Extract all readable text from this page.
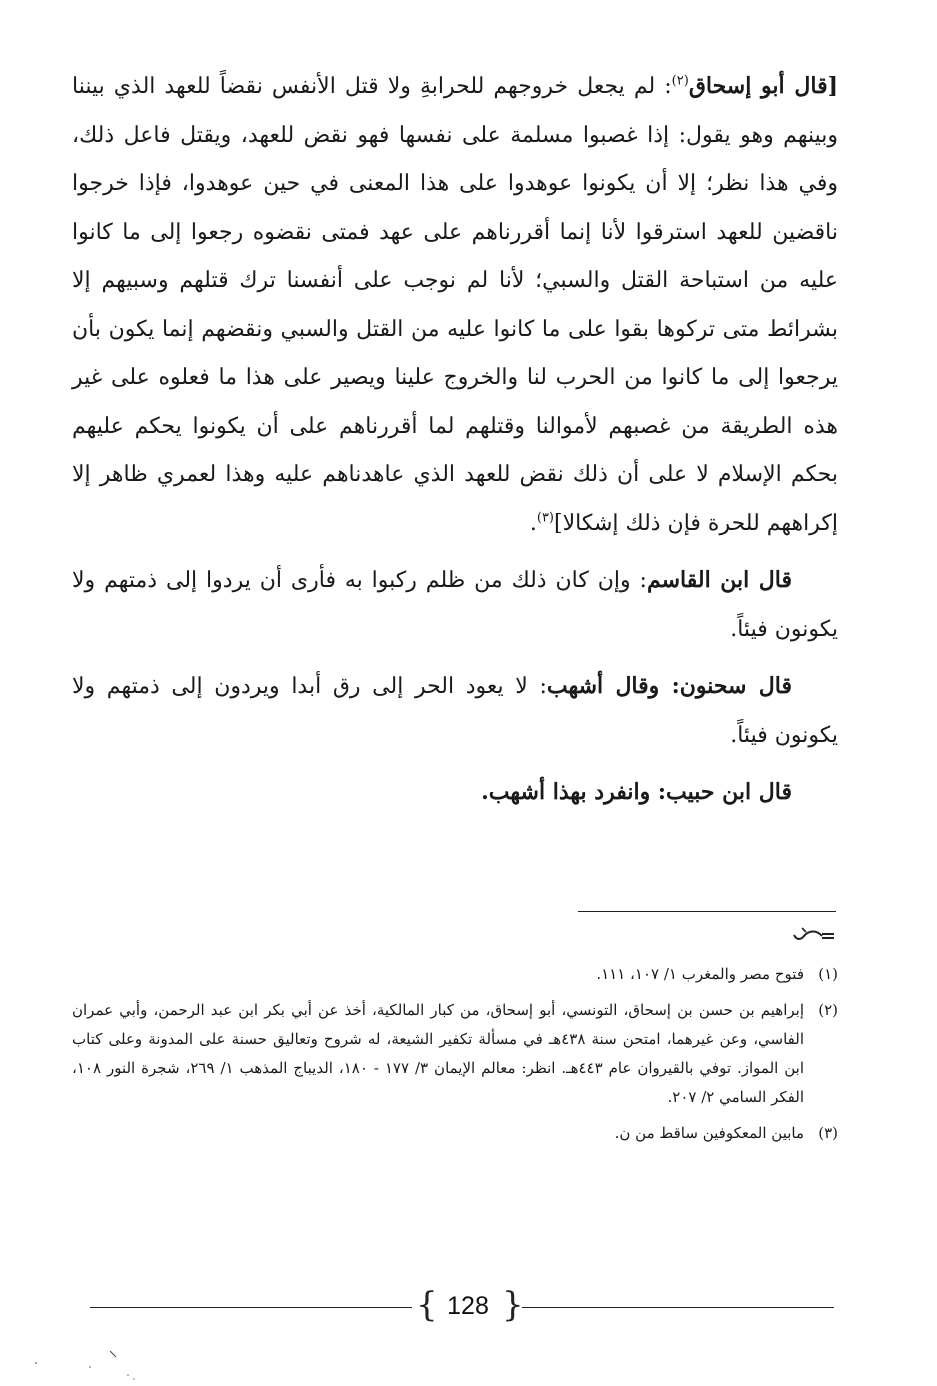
[قال أبو إسحاق$^{(٢)}$: لم يجعل خروجهم للحرابةِ ولا قتل الأنفس نقضاً للعهد الذي بيننا وبينهم وهو يقول: إذا غصبوا مسلمة على نفسها فهو نقض للعهد، ويقتل فاعل ذلك، وفي هذا نظر؛ إلا أن يكونوا عوهدوا على هذا المعنى في حين عوهدوا، فإذا خرجوا ناقضين للعهد استرقوا لأنا إنما أقررناهم على عهد فمتى نقضوه رجعوا إلى ما كانوا عليه من استباحة القتل والسبي؛ لأنا لم نوجب على أنفسنا ترك قتلهم وسبيهم إلا بشرائط متى تركوها بقوا على ما كانوا عليه من القتل والسبي ونقضهم إنما يكون بأن يرجعوا إلى ما كانوا من الحرب لنا والخروج علينا ويصير على هذا ما فعلوه على غير هذه الطريقة من غصبهم لأموالنا وقتلهم لما أقررناهم على أن يكونوا يحكم عليهم بحكم الإسلام لا على أن ذلك نقض للعهد الذي عاهدناهم عليه وهذا لعمري ظاهر إلا إكراههم للحرة فإن ذلك إشكالا]$^{(٣)}$.

قال ابن القاسم: وإن كان ذلك من ظلم ركبوا به فأرى أن يردوا إلى ذمتهم ولا يكونون فيئاً.

قال سحنون: وقال أشهب: لا يعود الحر إلى رق أبدا ويردون إلى ذمتهم ولا يكونون فيئاً.

قال ابن حبيب: وانفرد بهذا أشهب.

(١)
فتوح مصر والمغرب ١/ ١٠٧، ١١١.
(٢)
إبراهيم بن حسن بن إسحاق، التونسي، أبو إسحاق، من كبار المالكية، أخذ عن أبي بكر ابن عبد الرحمن، وأبي عمران الفاسي، وعن غيرهما، امتحن سنة ٤٣٨هـ في مسألة تكفير الشيعة، له شروح وتعاليق حسنة على المدونة وعلى كتاب ابن المواز. توفي بالقيروان عام ٤٤٣هـ. انظر: معالم الإيمان ٣/ ١٧٧ - ١٨٠، الديباج المذهب ١/ ٢٦٩، شجرة النور ١٠٨، الفكر السامي ٢/ ٢٠٧.
(٣)
مابين المعكوفين ساقط من ن.
{ 128 }
